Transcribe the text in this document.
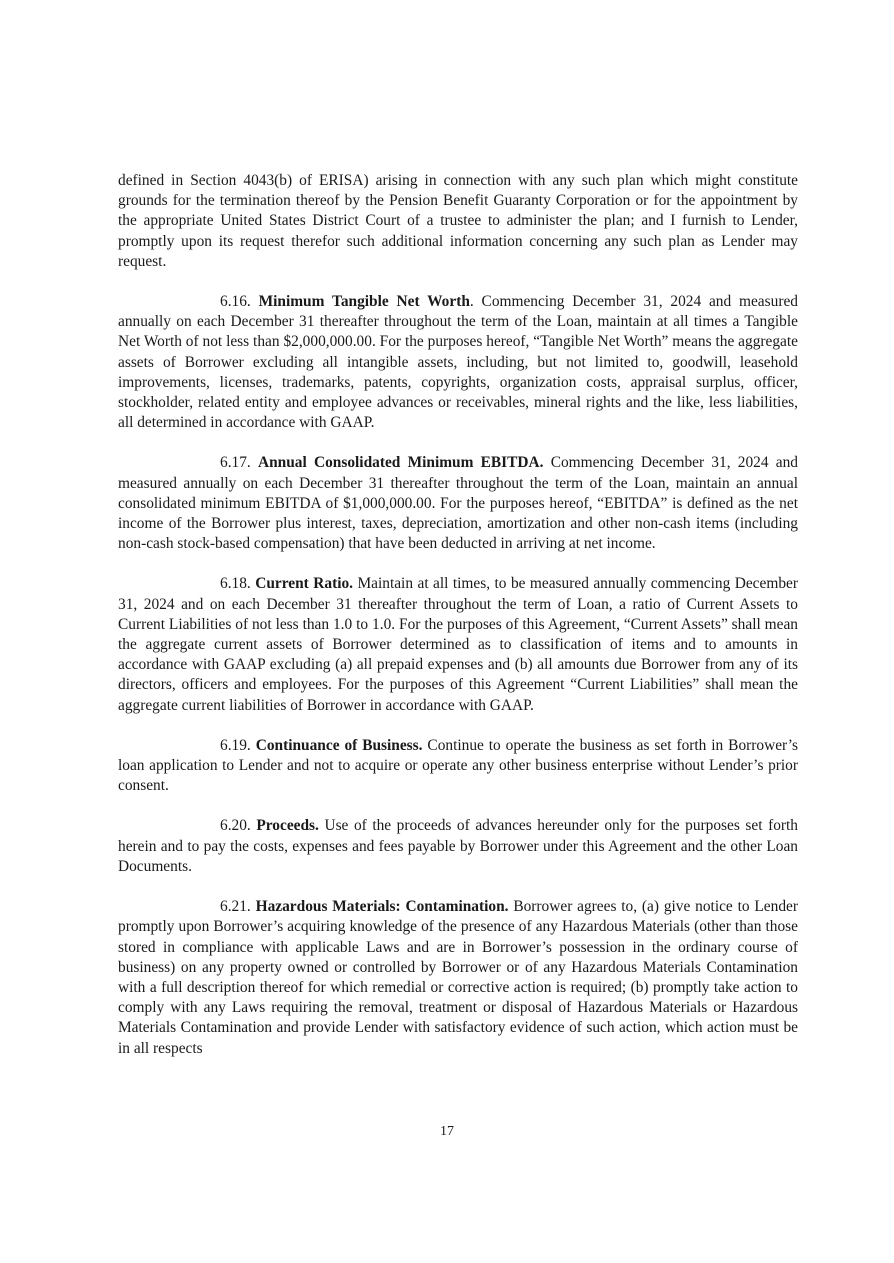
defined in Section 4043(b) of ERISA) arising in connection with any such plan which might constitute grounds for the termination thereof by the Pension Benefit Guaranty Corporation or for the appointment by the appropriate United States District Court of a trustee to administer the plan; and I furnish to Lender, promptly upon its request therefor such additional information concerning any such plan as Lender may request.

6.16. Minimum Tangible Net Worth. Commencing December 31, 2024 and measured annually on each December 31 thereafter throughout the term of the Loan, maintain at all times a Tangible Net Worth of not less than $2,000,000.00. For the purposes hereof, “Tangible Net Worth” means the aggregate assets of Borrower excluding all intangible assets, including, but not limited to, goodwill, leasehold improvements, licenses, trademarks, patents, copyrights, organization costs, appraisal surplus, officer, stockholder, related entity and employee advances or receivables, mineral rights and the like, less liabilities, all determined in accordance with GAAP.

6.17. Annual Consolidated Minimum EBITDA. Commencing December 31, 2024 and measured annually on each December 31 thereafter throughout the term of the Loan, maintain an annual consolidated minimum EBITDA of $1,000,000.00. For the purposes hereof, “EBITDA” is defined as the net income of the Borrower plus interest, taxes, depreciation, amortization and other non-cash items (including non-cash stock-based compensation) that have been deducted in arriving at net income.

6.18. Current Ratio. Maintain at all times, to be measured annually commencing December 31, 2024 and on each December 31 thereafter throughout the term of Loan, a ratio of Current Assets to Current Liabilities of not less than 1.0 to 1.0. For the purposes of this Agreement, “Current Assets” shall mean the aggregate current assets of Borrower determined as to classification of items and to amounts in accordance with GAAP excluding (a) all prepaid expenses and (b) all amounts due Borrower from any of its directors, officers and employees. For the purposes of this Agreement “Current Liabilities” shall mean the aggregate current liabilities of Borrower in accordance with GAAP.

6.19. Continuance of Business. Continue to operate the business as set forth in Borrower’s loan application to Lender and not to acquire or operate any other business enterprise without Lender’s prior consent.

6.20. Proceeds. Use of the proceeds of advances hereunder only for the purposes set forth herein and to pay the costs, expenses and fees payable by Borrower under this Agreement and the other Loan Documents.

6.21. Hazardous Materials: Contamination. Borrower agrees to, (a) give notice to Lender promptly upon Borrower’s acquiring knowledge of the presence of any Hazardous Materials (other than those stored in compliance with applicable Laws and are in Borrower’s possession in the ordinary course of business) on any property owned or controlled by Borrower or of any Hazardous Materials Contamination with a full description thereof for which remedial or corrective action is required; (b) promptly take action to comply with any Laws requiring the removal, treatment or disposal of Hazardous Materials or Hazardous Materials Contamination and provide Lender with satisfactory evidence of such action, which action must be in all respects

17
